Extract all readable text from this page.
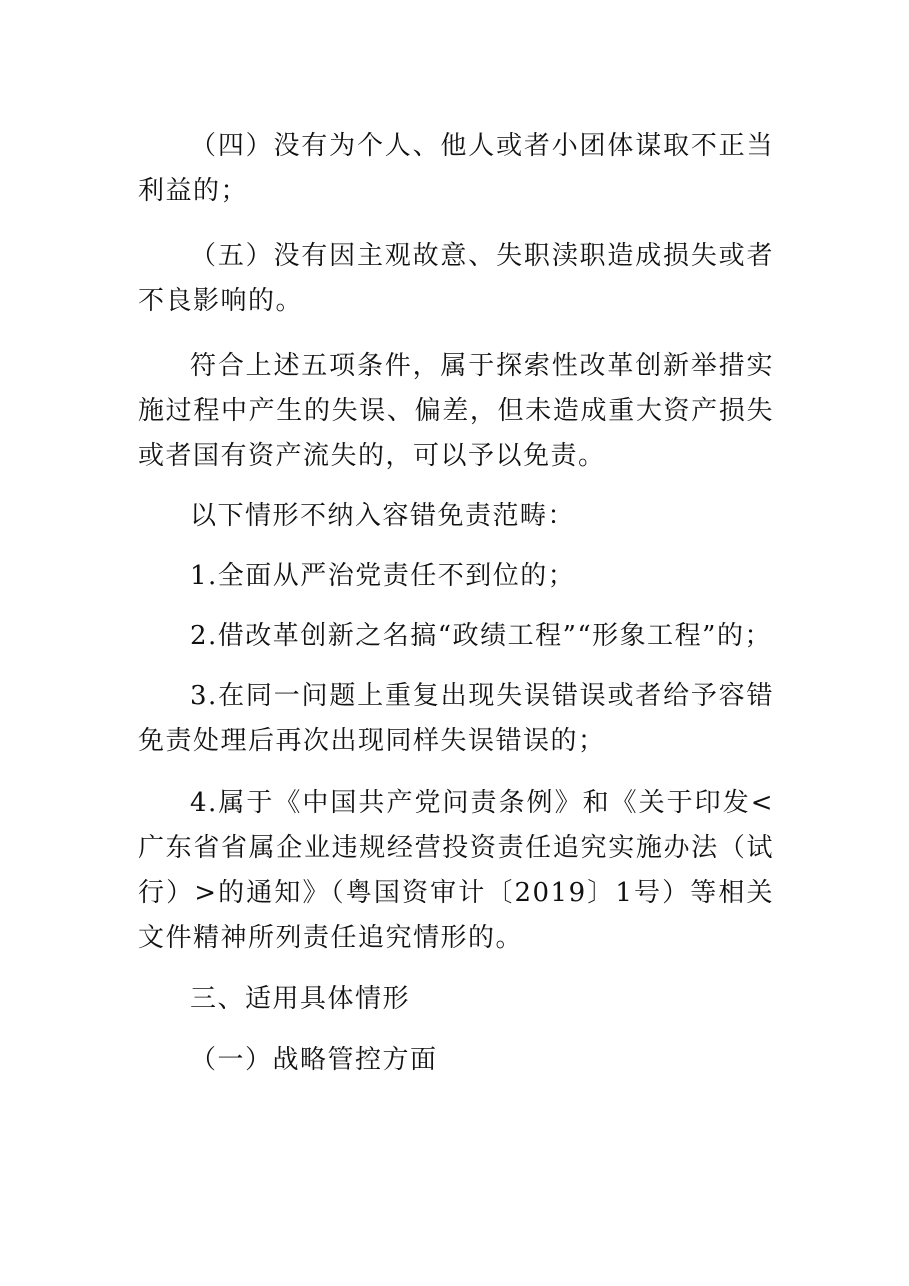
（四）没有为个人、他人或者小团体谋取不正当利益的；

（五）没有因主观故意、失职渎职造成损失或者不良影响的。

符合上述五项条件，属于探索性改革创新举措实施过程中产生的失误、偏差，但未造成重大资产损失或者国有资产流失的，可以予以免责。

以下情形不纳入容错免责范畴：

1.全面从严治党责任不到位的；

2.借改革创新之名搞“政绩工程”“形象工程”的；

3.在同一问题上重复出现失误错误或者给予容错免责处理后再次出现同样失误错误的；

4.属于《中国共产党问责条例》和《关于印发<广东省省属企业违规经营投资责任追究实施办法（试行）>的通知》（粤国资审计〔2019〕1号）等相关文件精神所列责任追究情形的。

三、适用具体情形

（一）战略管控方面
